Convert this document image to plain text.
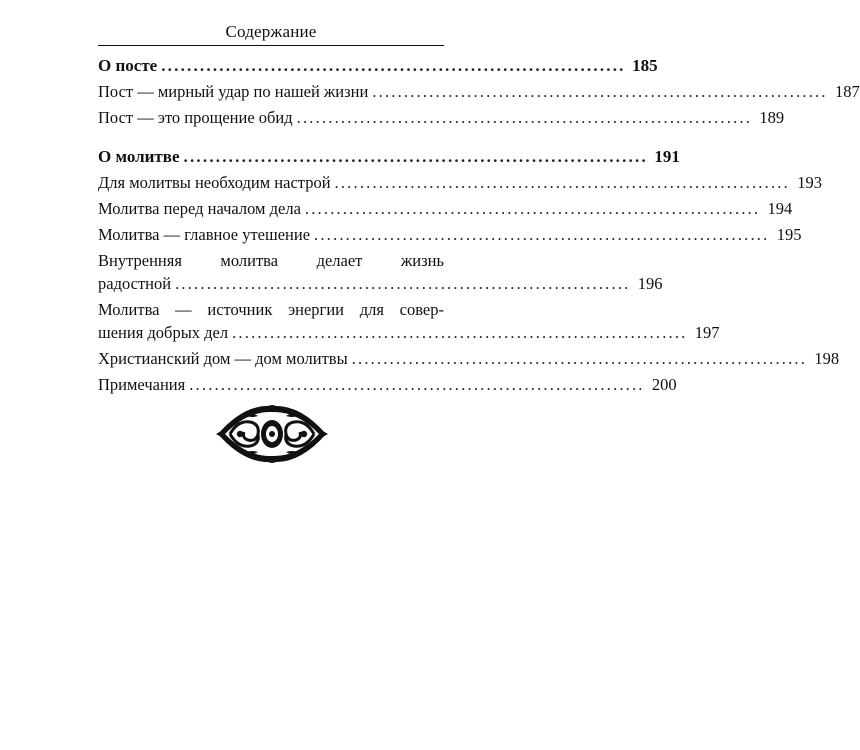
Содержание
О посте ........................................................................ 185
Пост — мирный удар по нашей жизни ........................................................................ 187
Пост — это прощение обид ........................................................................ 189
О молитве ........................................................................ 191
Для молитвы необходим настрой ........................................................................ 193
Молитва перед началом дела ........................................................................ 194
Молитва — главное утешение ........................................................................ 195
Внутренняя молитва делает жизнь
радостной ........................................................................ 196
Молитва — источник энергии для совер-
шения добрых дел ........................................................................ 197
Христианский дом — дом молитвы ........................................................................ 198
Примечания ........................................................................ 200
